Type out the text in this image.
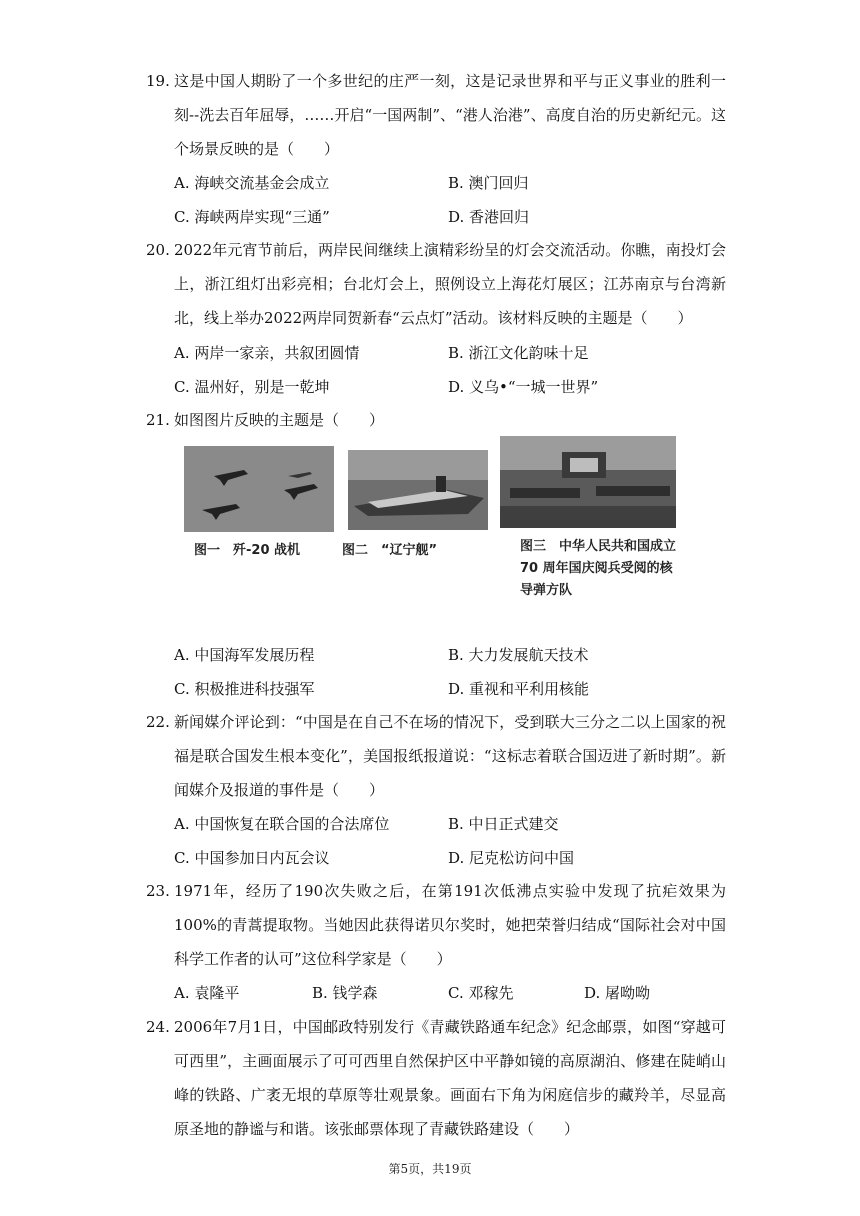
19. 这是中国人期盼了一个多世纪的庄严一刻，这是记录世界和平与正义事业的胜利一刻--洗去百年屈辱，……开启“一国两制”、“港人治港”、高度自治的历史新纪元。这个场景反映的是（　　）
A. 海峡交流基金会成立	B. 澳门回归
C. 海峡两岸实现“三通”	D. 香港回归
20. 2022年元宵节前后，两岸民间继续上演精彩纷呈的灯会交流活动。你瞧，南投灯会上，浙江组灯出彩亮相；台北灯会上，照例设立上海花灯展区；江苏南京与台湾新北，线上举办2022两岸同贺新春“云点灯”活动。该材料反映的主题是（　　）
A. 两岸一家亲，共叙团圆情	B. 浙江文化韵味十足
C. 温州好，别是一乾坤	D. 义乌•“一城一世界”
21. 如图图片反映的主题是（　　）
图一　歼-20 战机	图二　“辽宁舰”	图三　中华人民共和国成立 70 周年国庆阅兵受阅的核导弹方队
A. 中国海军发展历程	B. 大力发展航天技术
C. 积极推进科技强军	D. 重视和平利用核能
22. 新闻媒介评论到：“中国是在自己不在场的情况下，受到联大三分之二以上国家的祝福是联合国发生根本变化”，美国报纸报道说：“这标志着联合国迈进了新时期”。新闻媒介及报道的事件是（　　）
A. 中国恢复在联合国的合法席位	B. 中日正式建交
C. 中国参加日内瓦会议	D. 尼克松访问中国
23. 1971年，经历了190次失败之后，在第191次低沸点实验中发现了抗疟效果为100%的青蒿提取物。当她因此获得诺贝尔奖时，她把荣誉归结成“国际社会对中国科学工作者的认可”这位科学家是（　　）
A. 袁隆平	B. 钱学森	C. 邓稼先	D. 屠呦呦
24. 2006年7月1日，中国邮政特别发行《青藏铁路通车纪念》纪念邮票，如图“穿越可可西里”，主画面展示了可可西里自然保护区中平静如镜的高原湖泊、修建在陡峭山峰的铁路、广袤无垠的草原等壮观景象。画面右下角为闲庭信步的藏羚羊，尽显高原圣地的静谧与和谐。该张邮票体现了青藏铁路建设（　　）
第5页，共19页
